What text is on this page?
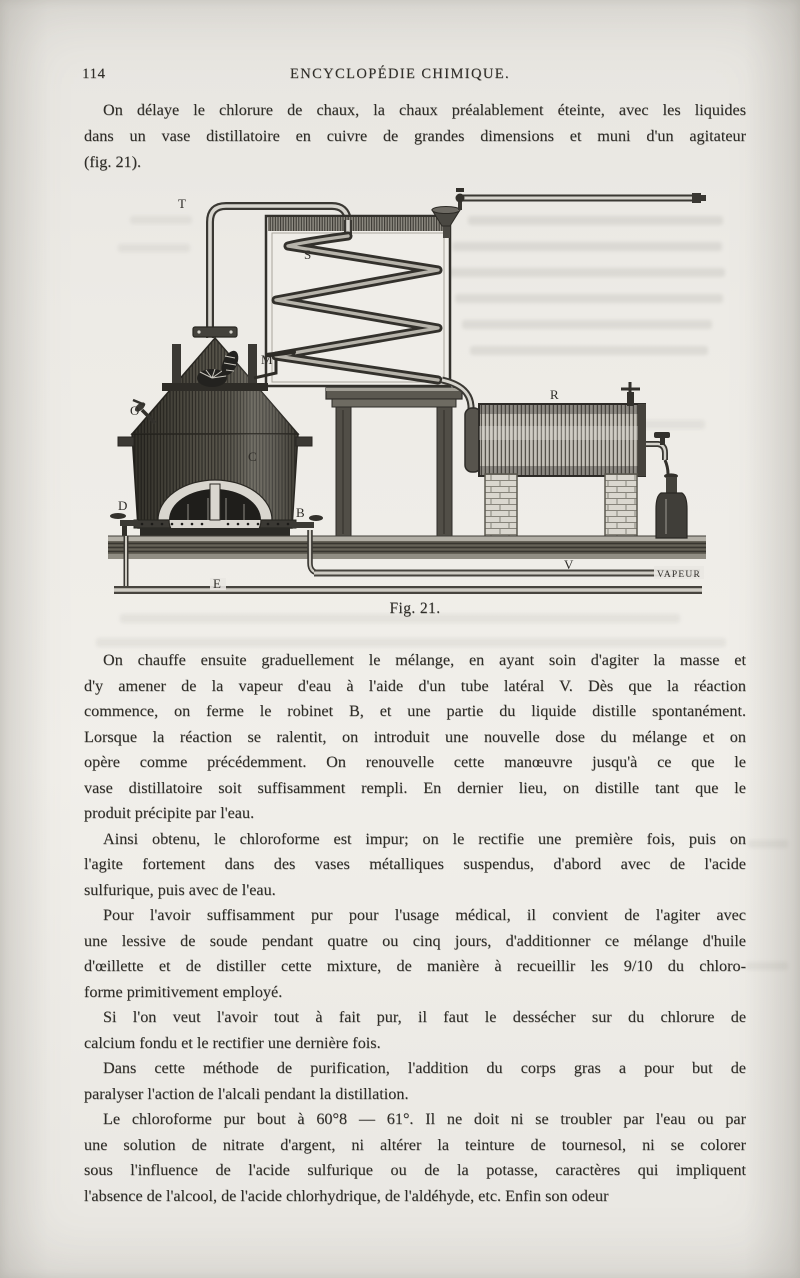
114	ENCYCLOPÉDIE CHIMIQUE.
On délaye le chlorure de chaux, la chaux préalablement éteinte, avec les liquides
dans un vase distillatoire en cuivre de grandes dimensions et muni d'un agitateur
(fig. 21).
T
S
M
O
C
D	B
R
V
E
VAPEUR
Fig. 21.
On chauffe ensuite graduellement le mélange, en ayant soin d'agiter la masse et
d'y amener de la vapeur d'eau à l'aide d'un tube latéral V. Dès que la réaction
commence, on ferme le robinet B, et une partie du liquide distille spontanément.
Lorsque la réaction se ralentit, on introduit une nouvelle dose du mélange et on
opère comme précédemment. On renouvelle cette manœuvre jusqu'à ce que le
vase distillatoire soit suffisamment rempli. En dernier lieu, on distille tant que le
produit précipite par l'eau.
Ainsi obtenu, le chloroforme est impur; on le rectifie une première fois, puis on
l'agite fortement dans des vases métalliques suspendus, d'abord avec de l'acide
sulfurique, puis avec de l'eau.
Pour l'avoir suffisamment pur pour l'usage médical, il convient de l'agiter avec
une lessive de soude pendant quatre ou cinq jours, d'additionner ce mélange d'huile
d'œillette et de distiller cette mixture, de manière à recueillir les 9/10 du chloro-
forme primitivement employé.
Si l'on veut l'avoir tout à fait pur, il faut le dessécher sur du chlorure de
calcium fondu et le rectifier une dernière fois.
Dans cette méthode de purification, l'addition du corps gras a pour but de
paralyser l'action de l'alcali pendant la distillation.
Le chloroforme pur bout à 60°8 — 61°. Il ne doit ni se troubler par l'eau ou par
une solution de nitrate d'argent, ni altérer la teinture de tournesol, ni se colorer
sous l'influence de l'acide sulfurique ou de la potasse, caractères qui impliquent
l'absence de l'alcool, de l'acide chlorhydrique, de l'aldéhyde, etc. Enfin son odeur
